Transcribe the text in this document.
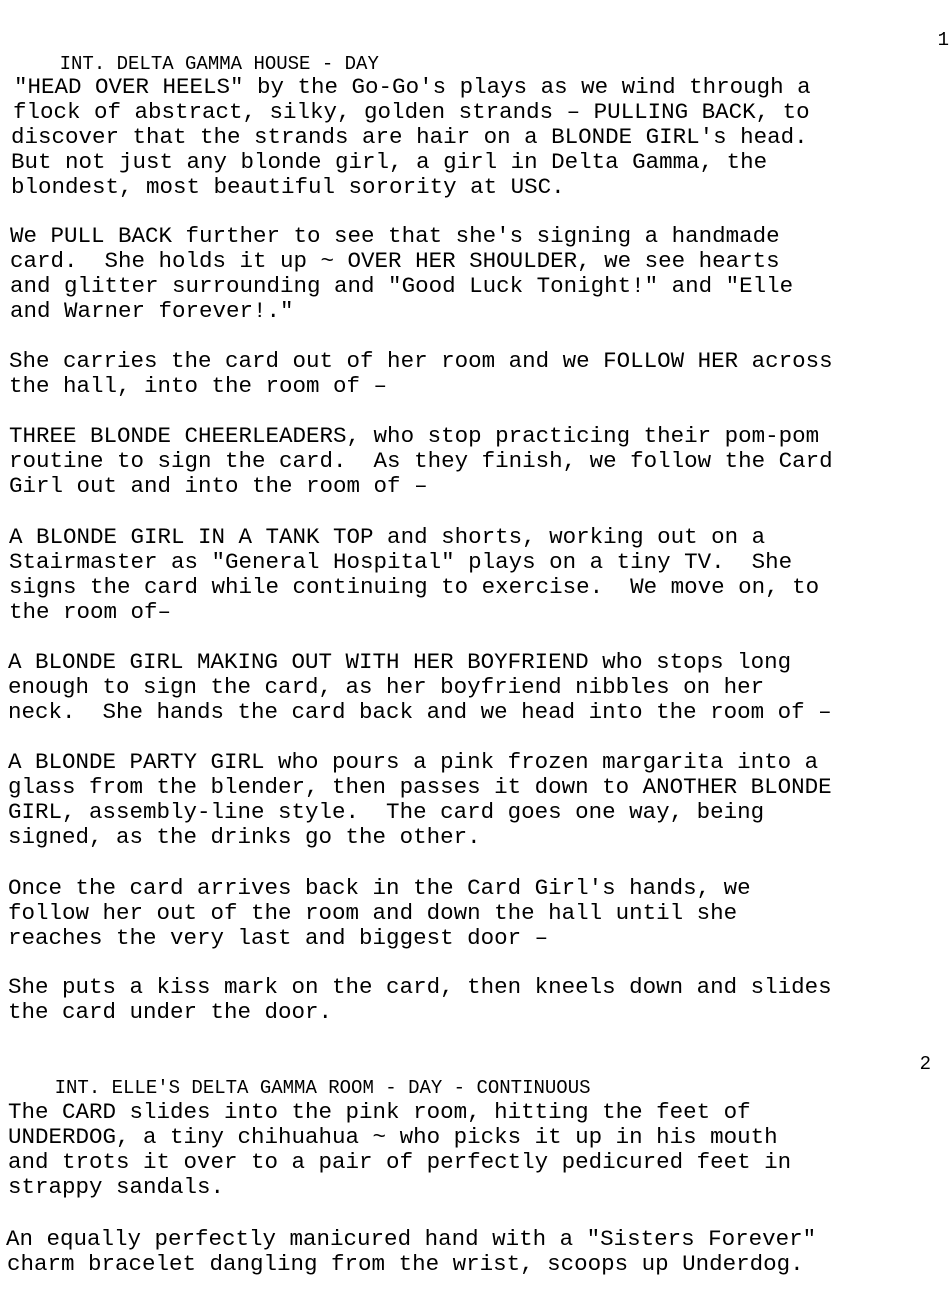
INT. DELTA GAMMA HOUSE - DAY

1

"HEAD OVER HEELS" by the Go-Go's plays as we wind through a
flock of abstract, silky, golden strands – PULLING BACK, to
discover that the strands are hair on a BLONDE GIRL's head.
But not just any blonde girl, a girl in Delta Gamma, the
blondest, most beautiful sorority at USC.
We PULL BACK further to see that she's signing a handmade
card.  She holds it up ~ OVER HER SHOULDER, we see hearts
and glitter surrounding and "Good Luck Tonight!" and "Elle
and Warner forever!."
She carries the card out of her room and we FOLLOW HER across
the hall, into the room of –
THREE BLONDE CHEERLEADERS, who stop practicing their pom-pom
routine to sign the card.  As they finish, we follow the Card
Girl out and into the room of –
A BLONDE GIRL IN A TANK TOP and shorts, working out on a
Stairmaster as "General Hospital" plays on a tiny TV.  She
signs the card while continuing to exercise.  We move on, to
the room of–
A BLONDE GIRL MAKING OUT WITH HER BOYFRIEND who stops long
enough to sign the card, as her boyfriend nibbles on her
neck.  She hands the card back and we head into the room of –
A BLONDE PARTY GIRL who pours a pink frozen margarita into a
glass from the blender, then passes it down to ANOTHER BLONDE
GIRL, assembly-line style.  The card goes one way, being
signed, as the drinks go the other.
Once the card arrives back in the Card Girl's hands, we
follow her out of the room and down the hall until she
reaches the very last and biggest door –
She puts a kiss mark on the card, then kneels down and slides
the card under the door.

INT. ELLE'S DELTA GAMMA ROOM - DAY - CONTINUOUS

2

The CARD slides into the pink room, hitting the feet of
UNDERDOG, a tiny chihuahua ~ who picks it up in his mouth
and trots it over to a pair of perfectly pedicured feet in
strappy sandals.
An equally perfectly manicured hand with a "Sisters Forever"
charm bracelet dangling from the wrist, scoops up Underdog.
